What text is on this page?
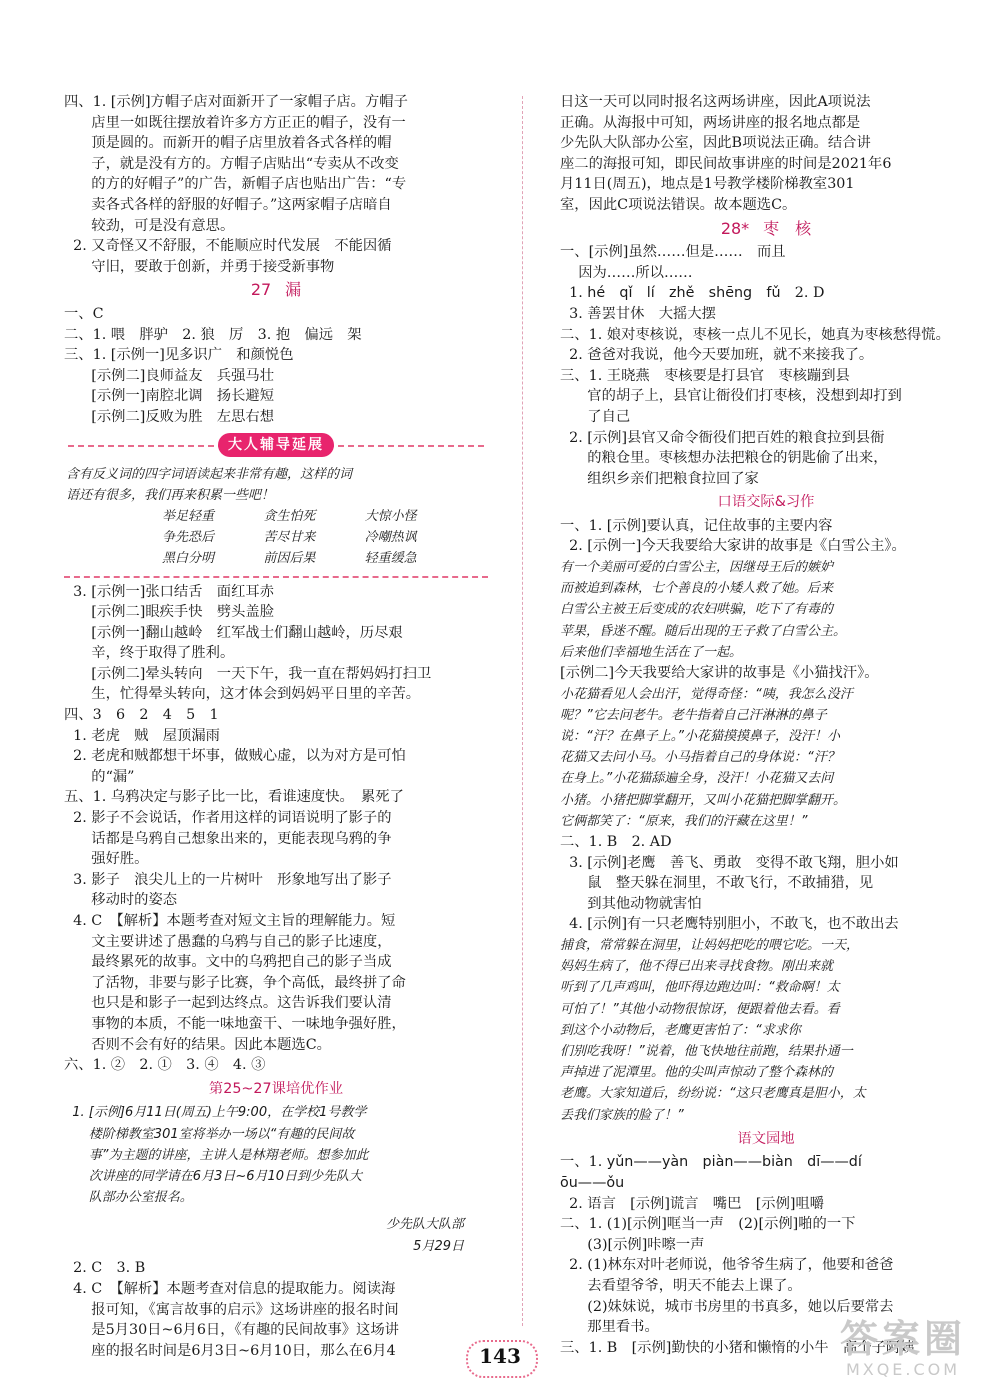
四、1. [示例]方帽子店对面新开了一家帽子店。方帽子
店里一如既往摆放着许多方方正正的帽子，没有一
顶是圆的。而新开的帽子店里放着各式各样的帽
子，就是没有方的。方帽子店贴出“专卖从不改变
的方的好帽子”的广告，新帽子店也贴出广告：“专
卖各式各样的舒服的好帽子。”这两家帽子店暗自
较劲，可是没有意思。
2. 又奇怪又不舒服，不能顺应时代发展　不能因循
守旧，要敢于创新，并勇于接受新事物
27 漏
一、C
二、1. 喂　胖驴　2. 狼　厉　3. 抱　偏远　架
三、1. [示例一]见多识广　和颜悦色
[示例二]良师益友　兵强马壮
[示例一]南腔北调　扬长避短
[示例二]反败为胜　左思右想
大人辅导延展
含有反义词的四字词语读起来非常有趣，这样的词
语还有很多，我们再来积累一些吧！
举足轻重	贪生怕死	大惊小怪
争先恐后	苦尽甘来	冷嘲热讽
黑白分明	前因后果	轻重缓急
3. [示例一]张口结舌　面红耳赤
[示例二]眼疾手快　劈头盖脸
[示例一]翻山越岭　红军战士们翻山越岭，历尽艰
辛，终于取得了胜利。
[示例二]晕头转向　一天下午，我一直在帮妈妈打扫卫
生，忙得晕头转向，这才体会到妈妈平日里的辛苦。
四、3　6　2　4　5　1
1. 老虎　贼　屋顶漏雨
2. 老虎和贼都想干坏事，做贼心虚，以为对方是可怕
的“漏”
五、1. 乌鸦决定与影子比一比，看谁速度快。　累死了
2. 影子不会说话，作者用这样的词语说明了影子的
话都是乌鸦自己想象出来的，更能表现乌鸦的争
强好胜。
3. 影子　浪尖儿上的一片树叶　形象地写出了影子
移动时的姿态
4. C　【解析】本题考查对短文主旨的理解能力。短
文主要讲述了愚蠢的乌鸦与自己的影子比速度，
最终累死的故事。文中的乌鸦把自己的影子当成
了活物，非要与影子比赛，争个高低，最终拼了命
也只是和影子一起到达终点。这告诉我们要认清
事物的本质，不能一味地蛮干、一味地争强好胜，
否则不会有好的结果。因此本题选C。
六、1. ②　2. ①　3. ④　4. ③
第25~27课培优作业
1. [示例]6月11日(周五)上午9:00，在学校1号教学
楼阶梯教室301室将举办一场以“有趣的民间故
事”为主题的讲座，主讲人是林翔老师。想参加此
次讲座的同学请在6月3日~6月10日到少先队大
队部办公室报名。
少先队大队部
5月29日
2. C　3. B
4. C　【解析】本题考查对信息的提取能力。阅读海
报可知，《寓言故事的启示》这场讲座的报名时间
是5月30日~6月6日，《有趣的民间故事》这场讲
座的报名时间是6月3日~6月10日，那么在6月4
日这一天可以同时报名这两场讲座，因此A项说法
正确。从海报中可知，两场讲座的报名地点都是
少先队大队部办公室，因此B项说法正确。结合讲
座二的海报可知，即民间故事讲座的时间是2021年6
月11日(周五)，地点是1号教学楼阶梯教室301
室，因此C项说法错误。故本题选C。
28* 枣　核
一、[示例]虽然……但是……　而且
因为……所以……
1. hé　qǐ　lí　zhě　shēng　fǔ　2. D
3. 善罢甘休　大摇大摆
二、1. 娘对枣核说，枣核一点儿不见长，她真为枣核愁得慌。
2. 爸爸对我说，他今天要加班，就不来接我了。
三、1. 王晓燕　枣核要是打县官　枣核蹦到县
官的胡子上，县官让衙役们打枣核，没想到却打到
了自己
2. [示例]县官又命令衙役们把百姓的粮食拉到县衙
的粮仓里。枣核想办法把粮仓的钥匙偷了出来，
组织乡亲们把粮食拉回了家
口语交际&习作
一、1. [示例]要认真，记住故事的主要内容
2. [示例一]今天我要给大家讲的故事是《白雪公主》。
有一个美丽可爱的白雪公主，因继母王后的嫉妒
而被追到森林，七个善良的小矮人救了她。后来
白雪公主被王后变成的农妇哄骗，吃下了有毒的
苹果，昏迷不醒。随后出现的王子救了白雪公主。
后来他们幸福地生活在了一起。
[示例二]今天我要给大家讲的故事是《小猫找汗》。
小花猫看见人会出汗，觉得奇怪：“咦，我怎么没汗
呢？”它去问老牛。老牛指着自己汗淋淋的鼻子
说：“汗？在鼻子上。”小花猫摸摸鼻子，没汗！小
花猫又去问小马。小马指着自己的身体说：“汗？
在身上。”小花猫舔遍全身，没汗！小花猫又去问
小猪。小猪把脚掌翻开，又叫小花猫把脚掌翻开。
它俩都笑了：“原来，我们的汗藏在这里！”
二、1. B　2. AD
3. [示例]老鹰　善飞、勇敢　变得不敢飞翔，胆小如
鼠　整天躲在洞里，不敢飞行，不敢捕猎，见
到其他动物就害怕
4. [示例]有一只老鹰特别胆小，不敢飞，也不敢出去
捕食，常常躲在洞里，让妈妈把吃的喂它吃。一天，
妈妈生病了，他不得已出来寻找食物。刚出来就
听到了几声鸡叫，他吓得边跑边叫：“救命啊！太
可怕了！”其他小动物很惊讶，便跟着他去看。看
到这个小动物后，老鹰更害怕了：“求求你
们别吃我呀！”说着，他飞快地往前跑，结果扑通一
声掉进了泥潭里。他的尖叫声惊动了整个森林的
老鹰。大家知道后，纷纷说：“这只老鹰真是胆小，太
丢我们家族的脸了！”
语文园地
一、1. yǔn——yàn　piàn——biàn　dī——dí
ōu——ǒu
2. 语言　[示例]谎言　嘴巴　[示例]咀嚼
二、1. (1)[示例]哐当一声　(2)[示例]啪的一下
(3)[示例]咔嚓一声
2. (1)林东对叶老师说，他爷爷生病了，他要和爸爸
去看望爷爷，明天不能去上课了。
(2)妹妹说，城市书房里的书真多，她以后要常去
那里看书。
三、1. B　[示例]勤快的小猪和懒惰的小牛　高个子阿姨
143	答案圈
MXQE.COM
